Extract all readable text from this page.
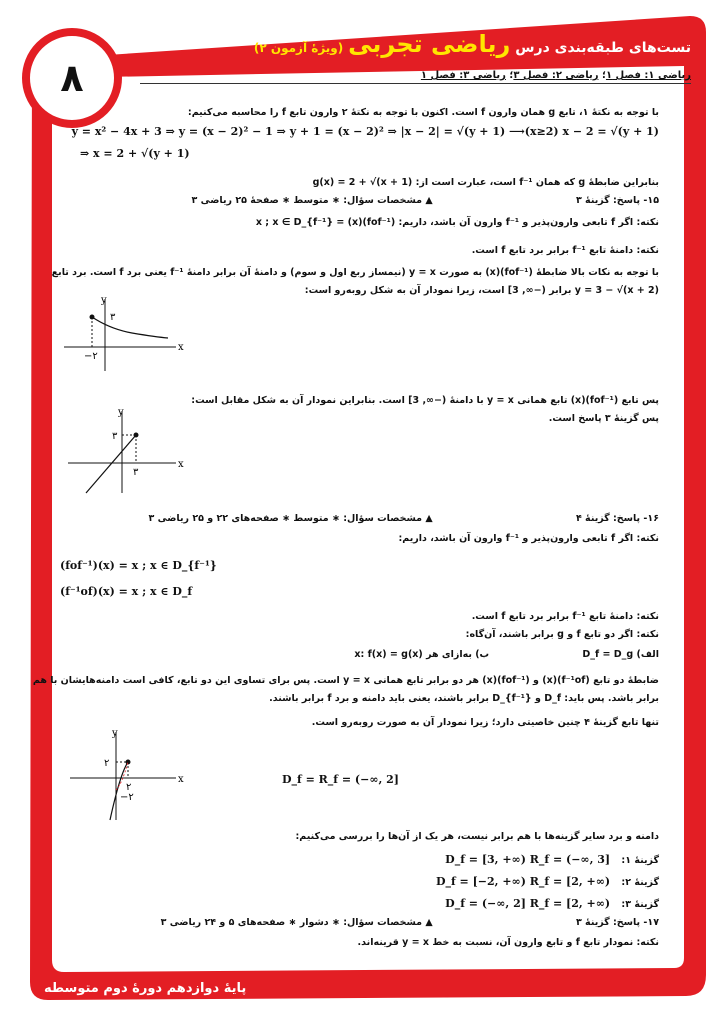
۸
تست‌های طبقه‌بندی درس ریاضی تجربی (ویژهٔ آزمون ۲)
ریاضی ۱: فصل ۱؛ ریاضی ۲: فصل ۳؛ ریاضی ۳: فصل ۱
با توجه به نکتهٔ ۱، تابع g همان وارون f است. اکنون با توجه به نکتهٔ ۲ وارون تابع f را محاسبه می‌کنیم:
y = x² − 4x + 3 ⇒ y = (x − 2)² − 1 ⇒ y + 1 = (x − 2)² ⇒ |x − 2| = √(y + 1) ⟶(x≥2) x − 2 = √(y + 1)
⇒ x = 2 + √(y + 1)
بنابراین ضابطهٔ g که همان f⁻¹ است، عبارت است از: g(x) = 2 + √(x + 1)
۱۵- پاسخ: گزینهٔ ۳ ▲ مشخصات سؤال: ∗ متوسط ∗ صفحهٔ ۲۵ ریاضی ۳
نکته: اگر f تابعی وارون‌پذیر و f⁻¹ وارون آن باشد، داریم: (fof⁻¹)(x) = x ; x ∈ D_{f⁻¹}
نکته: دامنهٔ تابع f⁻¹ برابر برد تابع f است.
با توجه به نکات بالا ضابطهٔ (fof⁻¹)(x) به صورت y = x (نیمساز ربع اول و سوم) و دامنهٔ آن برابر دامنهٔ f⁻¹ یعنی برد f است. برد تابع
y = 3 − √(x + 2) برابر (−∞, 3] است، زیرا نمودار آن به شکل روبه‌رو است:
پس تابع (fof⁻¹)(x) تابع همانی y = x با دامنهٔ (−∞, 3] است. بنابراین نمودار آن به شکل مقابل است:
پس گزینهٔ ۳ پاسخ است.
۱۶- پاسخ: گزینهٔ ۴ ▲ مشخصات سؤال: ∗ متوسط ∗ صفحه‌های ۲۲ و ۲۵ ریاضی ۳
نکته: اگر f تابعی وارون‌پذیر و f⁻¹ وارون آن باشد، داریم:
(fof⁻¹)(x) = x ; x ∈ D_{f⁻¹}
(f⁻¹of)(x) = x ; x ∈ D_f
نکته: دامنهٔ تابع f⁻¹ برابر برد تابع f است.
نکته: اگر دو تابع f و g برابر باشند، آن‌گاه:
الف) D_f = D_g ب) به‌ازای هر x: f(x) = g(x)
ضابطهٔ دو تابع (f⁻¹of)(x) و (fof⁻¹)(x) هر دو برابر تابع همانی y = x است. پس برای تساوی این دو تابع، کافی است دامنه‌هایشان با هم
برابر باشد. پس باید: D_f و D_{f⁻¹} برابر باشند، یعنی باید دامنه و برد f برابر باشند.
تنها تابع گزینهٔ ۴ چنین خاصیتی دارد؛ زیرا نمودار آن به صورت روبه‌رو است.
D_f = R_f = (−∞, 2]
دامنه و برد سایر گزینه‌ها با هم برابر نیست، هر یک از آن‌ها را بررسی می‌کنیم:
گزینهٔ ۱: D_f = [3, +∞) R_f = (−∞, 3]
گزینهٔ ۲: D_f = [−2, +∞) R_f = [2, +∞)
گزینهٔ ۳: D_f = (−∞, 2] R_f = [2, +∞)
۱۷- پاسخ: گزینهٔ ۳ ▲ مشخصات سؤال: ∗ دشوار ∗ صفحه‌های ۵ و ۲۴ ریاضی ۳
نکته: نمودار تابع f و تابع وارون آن، نسبت به خط y = x قرینه‌اند.
x
y
۳
−۲
x
y
۳
۳
x
y
۲
۲
−۲
پایهٔ دوازدهم دورهٔ دوم متوسطه
